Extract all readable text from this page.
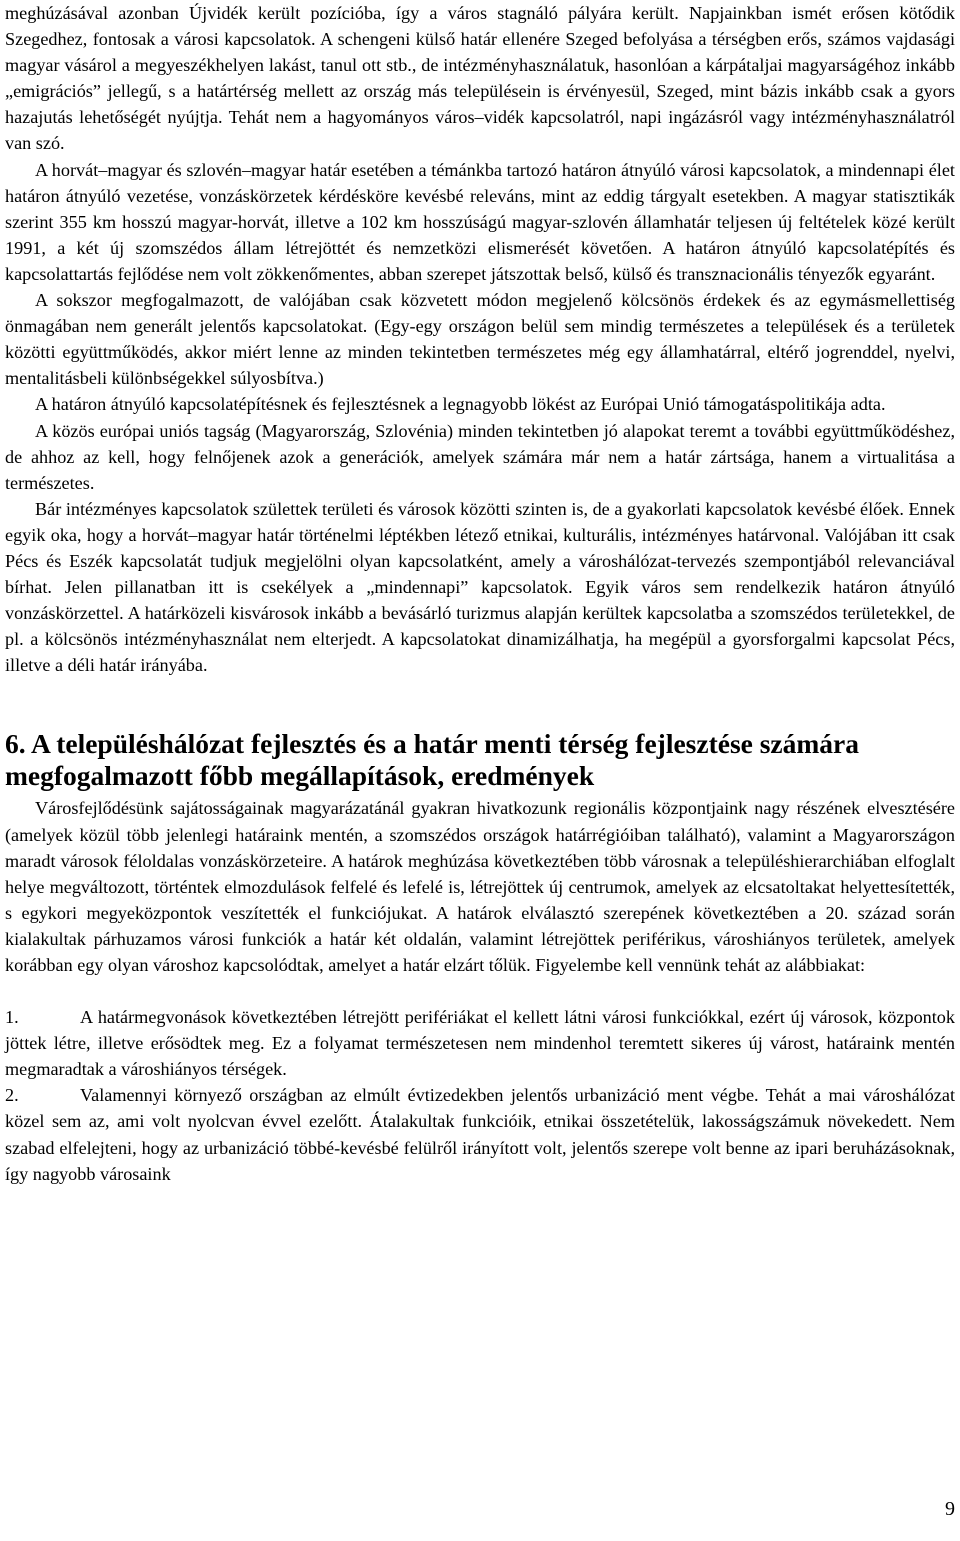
meghúzásával azonban Újvidék került pozícióba, így a város stagnáló pályára került. Napjainkban ismét erősen kötődik Szegedhez, fontosak a városi kapcsolatok. A schengeni külső határ ellenére Szeged befolyása a térségben erős, számos vajdasági magyar vásárol a megyeszékhelyen lakást, tanul ott stb., de intézményhasználatuk, hasonlóan a kárpátaljai magyarságéhoz inkább „emigrációs” jellegű, s a határtérség mellett az ország más településein is érvényesül, Szeged, mint bázis inkább csak a gyors hazajutás lehetőségét nyújtja. Tehát nem a hagyományos város–vidék kapcsolatról, napi ingázásról vagy intézményhasználatról van szó.

A horvát–magyar és szlovén–magyar határ esetében a témánkba tartozó határon átnyúló városi kapcsolatok, a mindennapi élet határon átnyúló vezetése, vonzáskörzetek kérdésköre kevésbé releváns, mint az eddig tárgyalt esetekben. A magyar statisztikák szerint 355 km hosszú magyar-horvát, illetve a 102 km hosszúságú magyar-szlovén államhatár teljesen új feltételek közé került 1991, a két új szomszédos állam létrejöttét és nemzetközi elismerését követően. A határon átnyúló kapcsolatépítés és kapcsolattartás fejlődése nem volt zökkenőmentes, abban szerepet játszottak belső, külső és transznacionális tényezők egyaránt.

A sokszor megfogalmazott, de valójában csak közvetett módon megjelenő kölcsönös érdekek és az egymásmellettiség önmagában nem generált jelentős kapcsolatokat. (Egy-egy országon belül sem mindig természetes a települések és a területek közötti együttműködés, akkor miért lenne az minden tekintetben természetes még egy államhatárral, eltérő jogrenddel, nyelvi, mentalitásbeli különbségekkel súlyosbítva.)

A határon átnyúló kapcsolatépítésnek és fejlesztésnek a legnagyobb lökést az Európai Unió támogatáspolitikája adta.

A közös európai uniós tagság (Magyarország, Szlovénia) minden tekintetben jó alapokat teremt a további együttműködéshez, de ahhoz az kell, hogy felnőjenek azok a generációk, amelyek számára már nem a határ zártsága, hanem a virtualitása a természetes.

Bár intézményes kapcsolatok születtek területi és városok közötti szinten is, de a gyakorlati kapcsolatok kevésbé élőek. Ennek egyik oka, hogy a horvát–magyar határ történelmi léptékben létező etnikai, kulturális, intézményes határvonal. Valójában itt csak Pécs és Eszék kapcsolatát tudjuk megjelölni olyan kapcsolatként, amely a városhálózat-tervezés szempontjából relevanciával bírhat. Jelen pillanatban itt is csekélyek a „mindennapi” kapcsolatok. Egyik város sem rendelkezik határon átnyúló vonzáskörzettel. A határközeli kisvárosok inkább a bevásárló turizmus alapján kerültek kapcsolatba a szomszédos területekkel, de pl. a kölcsönös intézményhasználat nem elterjedt. A kapcsolatokat dinamizálhatja, ha megépül a gyorsforgalmi kapcsolat Pécs, illetve a déli határ irányába.

6. A településhálózat fejlesztés és a határ menti térség fejlesztése számára megfogalmazott főbb megállapítások, eredmények

Városfejlődésünk sajátosságainak magyarázatánál gyakran hivatkozunk regionális központjaink nagy részének elvesztésére (amelyek közül több jelenlegi határaink mentén, a szomszédos országok határrégióiban található), valamint a Magyarországon maradt városok féloldalas vonzáskörzeteire. A határok meghúzása következtében több városnak a településhierarchiában elfoglalt helye megváltozott, történtek elmozdulások felfelé és lefelé is, létrejöttek új centrumok, amelyek az elcsatoltakat helyettesítették, s egykori megyeközpontok veszítették el funkciójukat. A határok elválasztó szerepének következtében a 20. század során kialakultak párhuzamos városi funkciók a határ két oldalán, valamint létrejöttek periférikus, városhiányos területek, amelyek korábban egy olyan városhoz kapcsolódtak, amelyet a határ elzárt tőlük. Figyelembe kell vennünk tehát az alábbiakat:

1.	A határmegvonások következtében létrejött perifériákat el kellett látni városi funkciókkal, ezért új városok, központok jöttek létre, illetve erősödtek meg. Ez a folyamat természetesen nem mindenhol teremtett sikeres új várost, határaink mentén megmaradtak a városhiányos térségek.

2.	Valamennyi környező országban az elmúlt évtizedekben jelentős urbanizáció ment végbe. Tehát a mai városhálózat közel sem az, ami volt nyolcvan évvel ezelőtt. Átalakultak funkcióik, etnikai összetételük, lakosságszámuk növekedett. Nem szabad elfelejteni, hogy az urbanizáció többé-kevésbé felülről irányított volt, jelentős szerepe volt benne az ipari beruházásoknak, így nagyobb városaink

9
